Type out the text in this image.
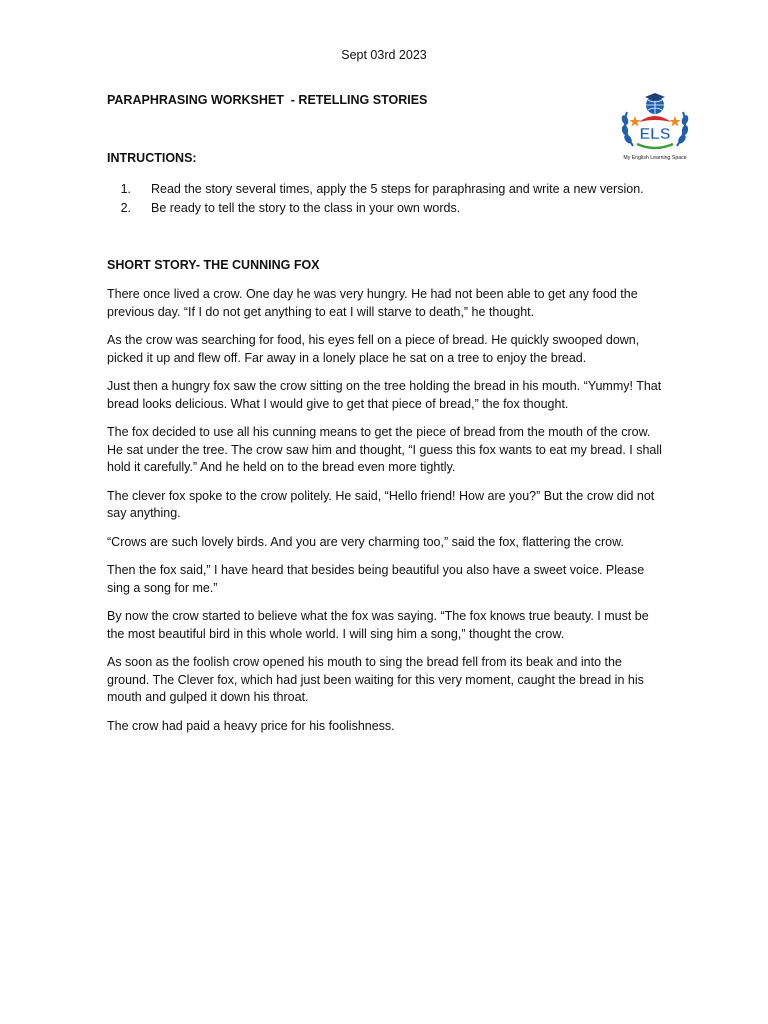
Sept 03rd 2023
PARAPHRASING WORKSHET  - RETELLING STORIES
ELS
My English Learning Space
INTRUCTIONS:
1. Read the story several times, apply the 5 steps for paraphrasing and write a new version.
2. Be ready to tell the story to the class in your own words.
SHORT STORY- THE CUNNING FOX

There once lived a crow. One day he was very hungry. He had not been able to get any food the previous day. “If I do not get anything to eat I will starve to death,” he thought.

As the crow was searching for food, his eyes fell on a piece of bread. He quickly swooped down, picked it up and flew off. Far away in a lonely place he sat on a tree to enjoy the bread.

Just then a hungry fox saw the crow sitting on the tree holding the bread in his mouth. “Yummy! That bread looks delicious. What I would give to get that piece of bread,” the fox thought.

The fox decided to use all his cunning means to get the piece of bread from the mouth of the crow. He sat under the tree. The crow saw him and thought, “I guess this fox wants to eat my bread. I shall hold it carefully.” And he held on to the bread even more tightly.

The clever fox spoke to the crow politely. He said, “Hello friend! How are you?” But the crow did not say anything.

“Crows are such lovely birds. And you are very charming too,” said the fox, flattering the crow.

Then the fox said,” I have heard that besides being beautiful you also have a sweet voice. Please sing a song for me.”

By now the crow started to believe what the fox was saying. “The fox knows true beauty. I must be the most beautiful bird in this whole world. I will sing him a song,” thought the crow.

As soon as the foolish crow opened his mouth to sing the bread fell from its beak and into the ground. The Clever fox, which had just been waiting for this very moment, caught the bread in his mouth and gulped it down his throat.

The crow had paid a heavy price for his foolishness.
